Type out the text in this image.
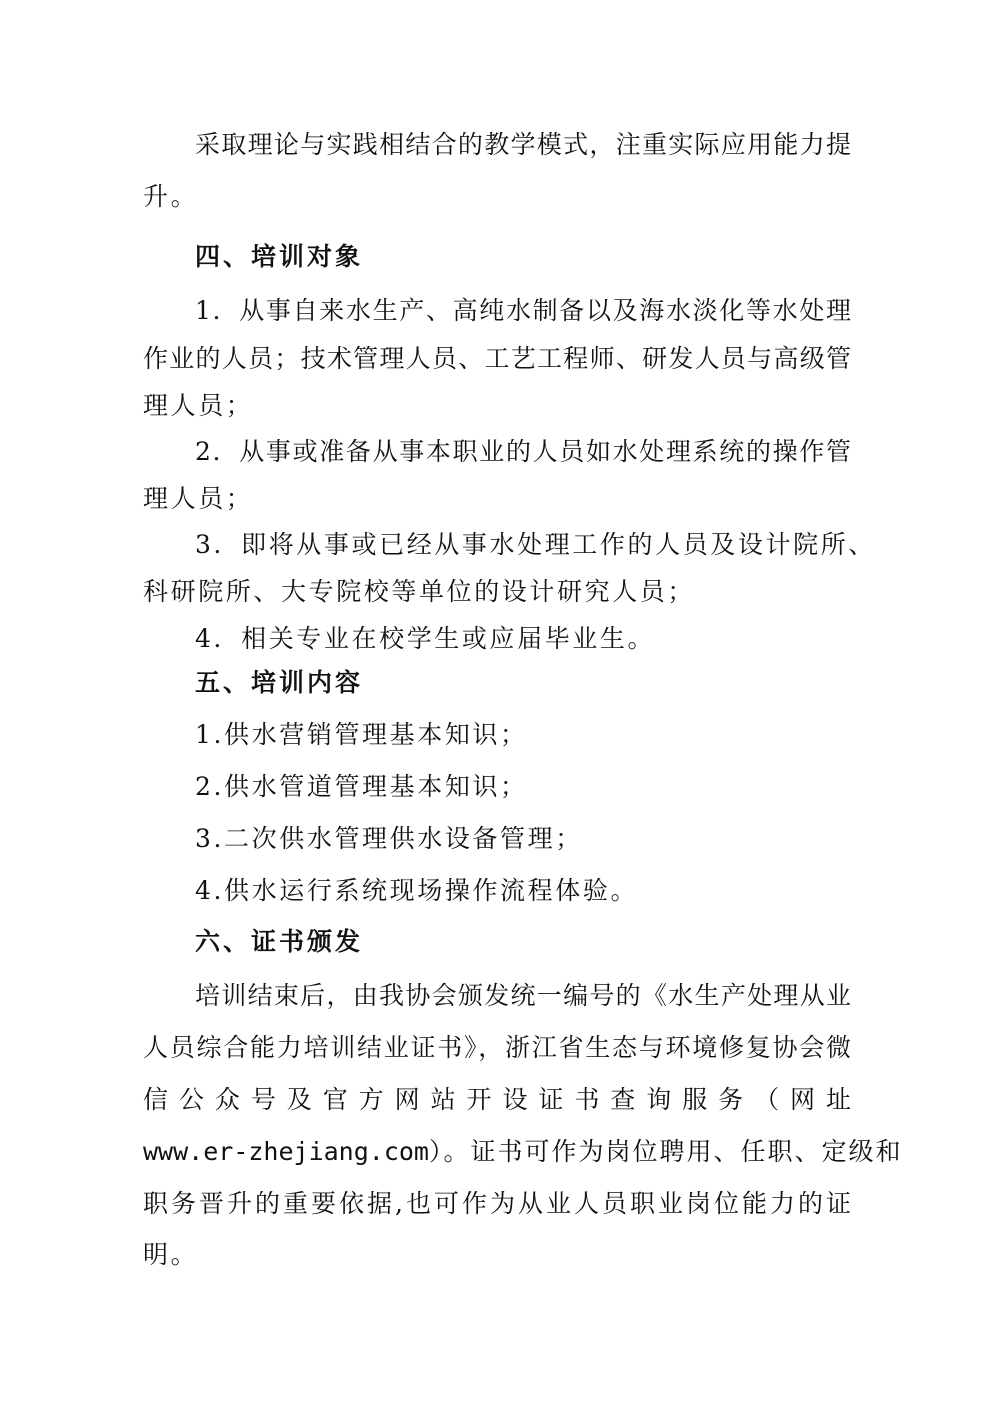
采取理论与实践相结合的教学模式，注重实际应用能力提
升。
四、培训对象
1．从事自来水生产、高纯水制备以及海水淡化等水处理
作业的人员；技术管理人员、工艺工程师、研发人员与高级管
理人员；
2．从事或准备从事本职业的人员如水处理系统的操作管
理人员；
3．即将从事或已经从事水处理工作的人员及设计院所、
科研院所、大专院校等单位的设计研究人员；
4．相关专业在校学生或应届毕业生。
五、培训内容
1.供水营销管理基本知识；
2.供水管道管理基本知识；
3.二次供水管理供水设备管理；
4.供水运行系统现场操作流程体验。
六、证书颁发
培训结束后，由我协会颁发统一编号的《水生产处理从业
人员综合能力培训结业证书》，浙江省生态与环境修复协会微
信公众号及官方网站开设证书查询服务（网址
www.er-zhejiang.com）。证书可作为岗位聘用、任职、定级和
职务晋升的重要依据,也可作为从业人员职业岗位能力的证
明。
